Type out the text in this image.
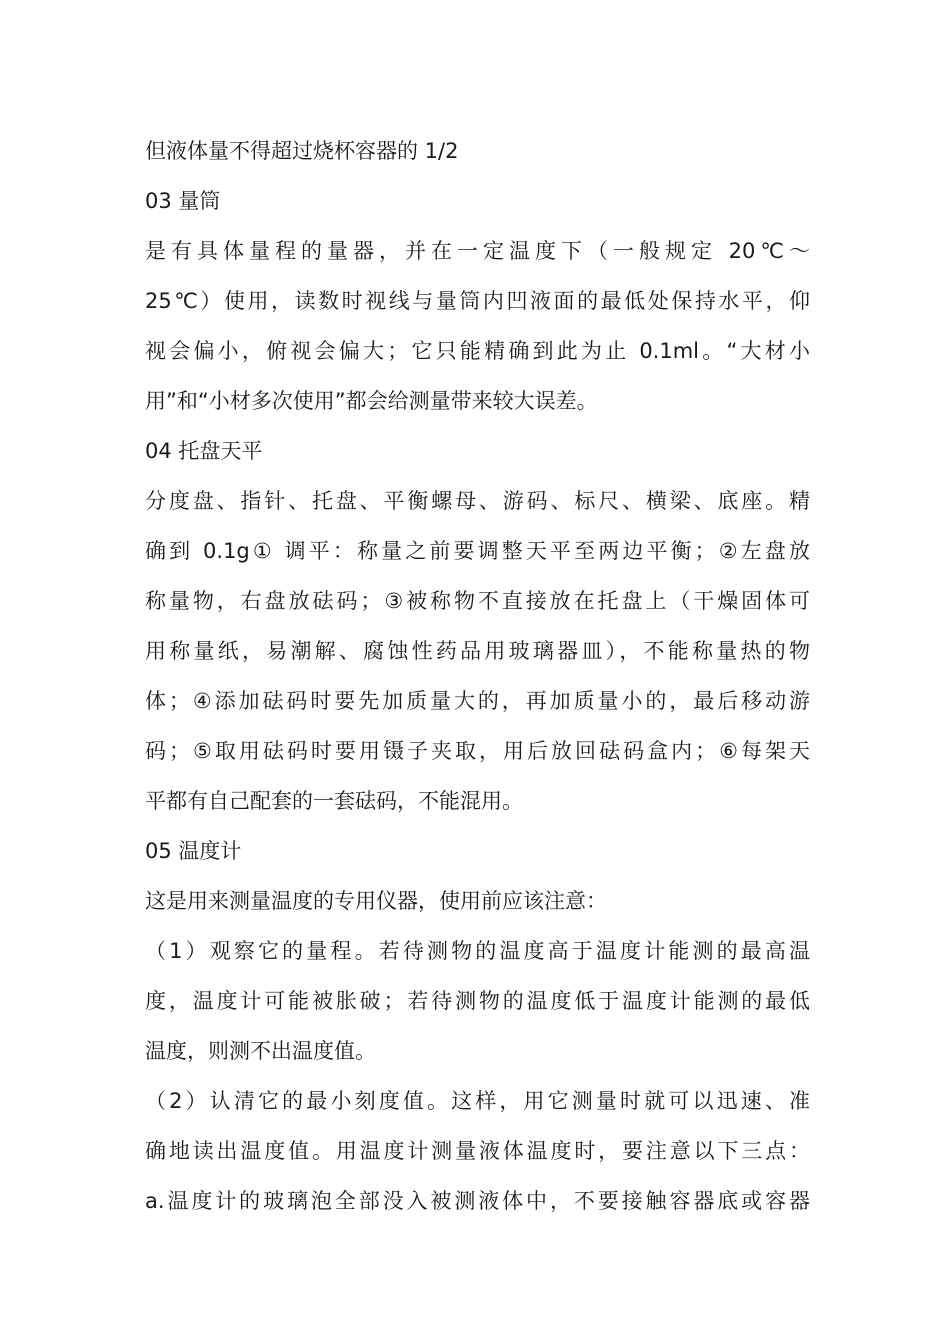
但液体量不得超过烧杯容器的 1/2
03 量筒
是有具体量程的量器，并在一定温度下（一般规定 20℃～
25℃）使用，读数时视线与量筒内凹液面的最低处保持水平，仰
视会偏小，俯视会偏大；它只能精确到此为止 0.1ml。“大材小
用”和“小材多次使用”都会给测量带来较大误差。
04 托盘天平
分度盘、指针、托盘、平衡螺母、游码、标尺、横梁、底座。精
确到 0.1g① 调平：称量之前要调整天平至两边平衡；②左盘放
称量物，右盘放砝码；③被称物不直接放在托盘上（干燥固体可
用称量纸，易潮解、腐蚀性药品用玻璃器皿），不能称量热的物
体；④添加砝码时要先加质量大的，再加质量小的，最后移动游
码；⑤取用砝码时要用镊子夹取，用后放回砝码盒内；⑥每架天
平都有自己配套的一套砝码，不能混用。
05 温度计
这是用来测量温度的专用仪器，使用前应该注意：
（1）观察它的量程。若待测物的温度高于温度计能测的最高温
度，温度计可能被胀破；若待测物的温度低于温度计能测的最低
温度，则测不出温度值。
（2）认清它的最小刻度值。这样，用它测量时就可以迅速、准
确地读出温度值。用温度计测量液体温度时，要注意以下三点：
a.温度计的玻璃泡全部没入被测液体中，不要接触容器底或容器
